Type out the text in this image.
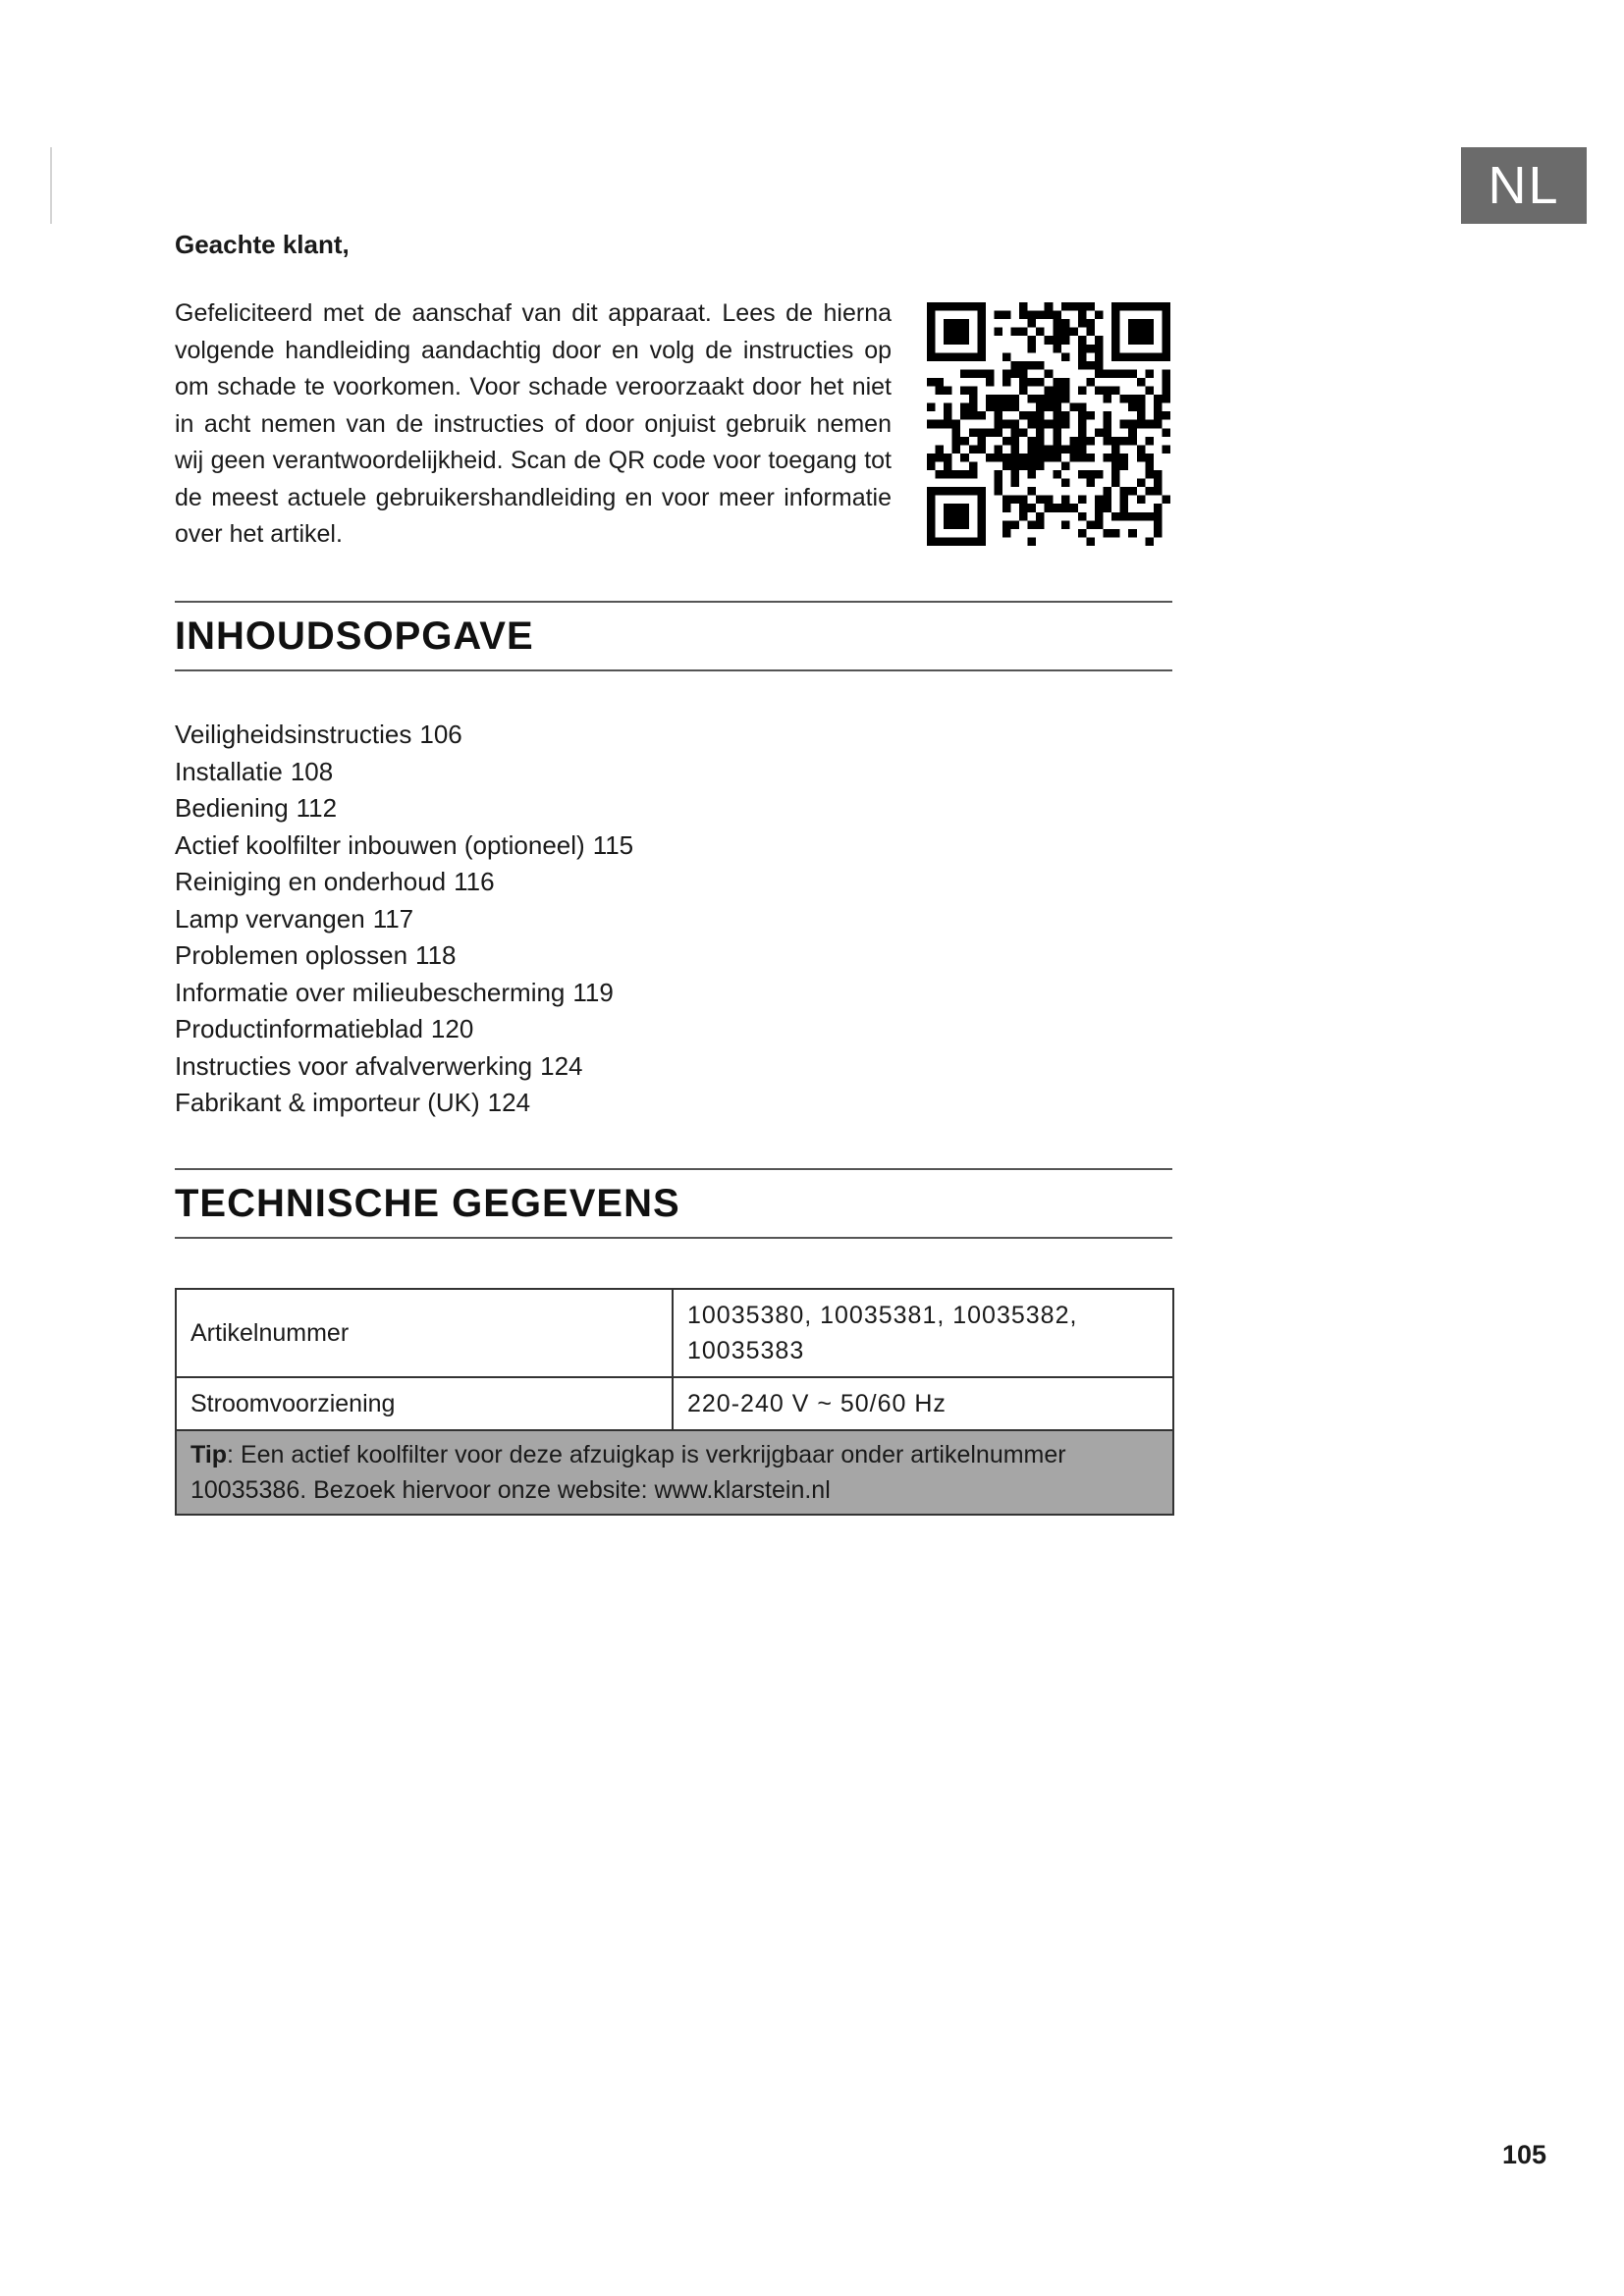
NL
Geachte klant,

Gefeliciteerd met de aanschaf van dit apparaat. Lees de hierna volgende handleiding aandachtig door en volg de instructies op om schade te voorkomen. Voor schade veroorzaakt door het niet in acht nemen van de instructies of door onjuist gebruik nemen wij geen verantwoordelijkheid. Scan de QR code voor toegang tot de meest actuele gebruikershandleiding en voor meer informatie over het artikel.

INHOUDSOPGAVE
Veiligheidsinstructies 106
Installatie 108
Bediening 112
Actief koolfilter inbouwen (optioneel) 115
Reiniging en onderhoud 116
Lamp vervangen 117
Problemen oplossen 118
Informatie over milieubescherming 119
Productinformatieblad 120
Instructies voor afvalverwerking 124
Fabrikant & importeur (UK) 124
TECHNISCHE GEGEVENS
Artikelnummer	10035380, 10035381, 10035382, 10035383
Stroomvoorziening	220-240 V ~ 50/60 Hz
Tip: Een actief koolfilter voor deze afzuigkap is verkrijgbaar onder artikelnummer 10035386. Bezoek hiervoor onze website: www.klarstein.nl	
105
